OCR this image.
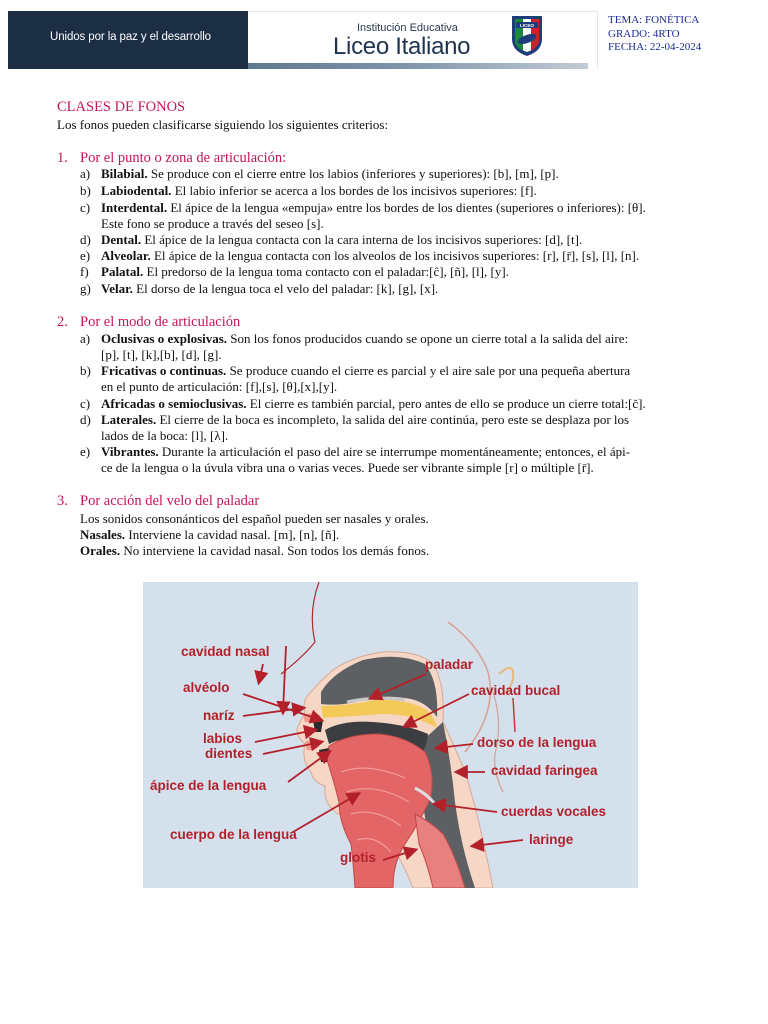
Unidos por la paz y el desarrollo
Institución Educativa
Liceo Italiano
LICEO	TEMA: FONÉTICA
GRADO: 4RTO
FECHA: 22-04-2024
CLASES DE FONOS
Los fonos pueden clasificarse siguiendo los siguientes criterios:
1. Por el punto o zona de articulación:
a) Bilabial. Se produce con el cierre entre los labios (inferiores y superiores): [b], [m], [p].
b) Labiodental. El labio inferior se acerca a los bordes de los incisivos superiores: [f].
c) Interdental. El ápice de la lengua «empuja» entre los bordes de los dientes (superiores o inferiores): [θ].
Este fono se produce a través del seseo [s].
d) Dental. El ápice de la lengua contacta con la cara interna de los incisivos superiores: [d], [t].
e) Alveolar. El ápice de la lengua contacta con los alveolos de los incisivos superiores: [r], [r̄], [s], [l], [n].
f) Palatal. El predorso de la lengua toma contacto con el paladar:[ĉ], [ñ], [l], [y].
g) Velar. El dorso de la lengua toca el velo del paladar: [k], [g], [x].
2. Por el modo de articulación
a) Oclusivas o explosivas. Son los fonos producidos cuando se opone un cierre total a la salida del aire:
[p], [t], [k],[b], [d], [g].
b) Fricativas o continuas. Se produce cuando el cierre es parcial y el aire sale por una pequeña abertura
en el punto de articulación: [f],[s], [θ],[x],[y].
c) Africadas o semioclusivas. El cierre es también parcial, pero antes de ello se produce un cierre total:[č].
d) Laterales. El cierre de la boca es incompleto, la salida del aire continúa, pero este se desplaza por los
lados de la boca: [l], [λ].
e) Vibrantes. Durante la articulación el paso del aire se interrumpe momentáneamente; entonces, el ápi-
ce de la lengua o la úvula vibra una o varias veces. Puede ser vibrante simple [r] o múltiple [r̄].
3. Por acción del velo del paladar
Los sonidos consonánticos del español pueden ser nasales y orales.
Nasales. Interviene la cavidad nasal. [m], [n], [ñ].
Orales. No interviene la cavidad nasal. Son todos los demás fonos.
cavidad nasal
alvéolo
naríz
labios
dientes
ápice de la lengua
cuerpo de la lengua
glotis
paladar
cavidad bucal
dorso de la lengua
cavidad faringea
cuerdas vocales
laringe
